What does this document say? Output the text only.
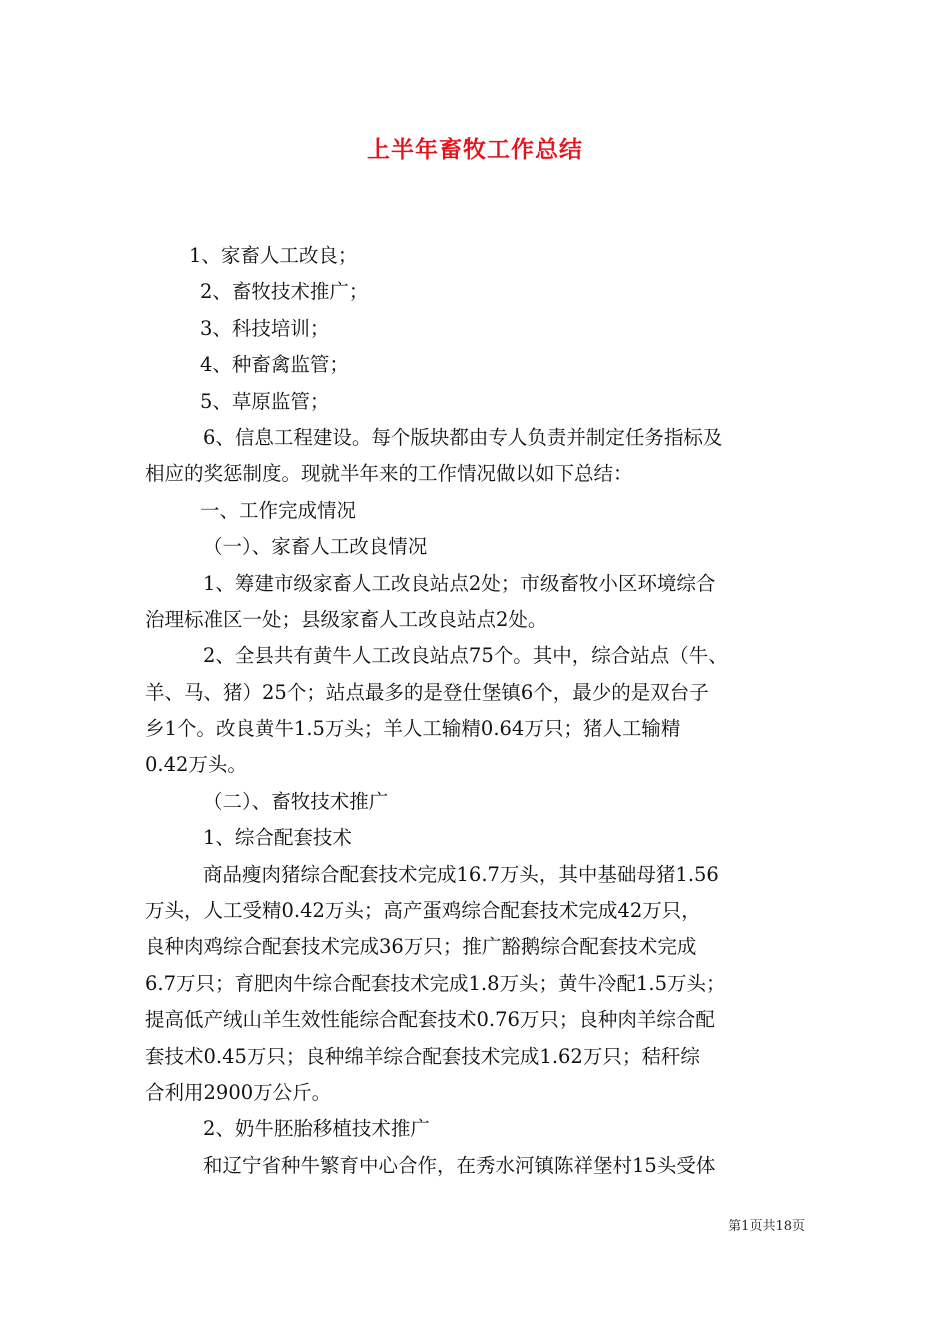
上半年畜牧工作总结
1、家畜人工改良；
2、畜牧技术推广；
3、科技培训；
4、种畜禽监管；
5、草原监管；
6、信息工程建设。每个版块都由专人负责并制定任务指标及
相应的奖惩制度。现就半年来的工作情况做以如下总结：
一、工作完成情况
（一）、家畜人工改良情况
1、筹建市级家畜人工改良站点2处；市级畜牧小区环境综合
治理标准区一处；县级家畜人工改良站点2处。
2、全县共有黄牛人工改良站点75个。其中，综合站点（牛、
羊、马、猪）25个；站点最多的是登仕堡镇6个，最少的是双台子
乡1个。改良黄牛1.5万头；羊人工输精0.64万只；猪人工输精
0.42万头。
（二）、畜牧技术推广
1、综合配套技术
商品瘦肉猪综合配套技术完成16.7万头，其中基础母猪1.56
万头，人工受精0.42万头；高产蛋鸡综合配套技术完成42万只，
良种肉鸡综合配套技术完成36万只；推广豁鹅综合配套技术完成
6.7万只；育肥肉牛综合配套技术完成1.8万头；黄牛冷配1.5万头；
提高低产绒山羊生效性能综合配套技术0.76万只；良种肉羊综合配
套技术0.45万只；良种绵羊综合配套技术完成1.62万只；秸秆综
合利用2900万公斤。
2、奶牛胚胎移植技术推广
和辽宁省种牛繁育中心合作，在秀水河镇陈祥堡村15头受体
第1页共18页
